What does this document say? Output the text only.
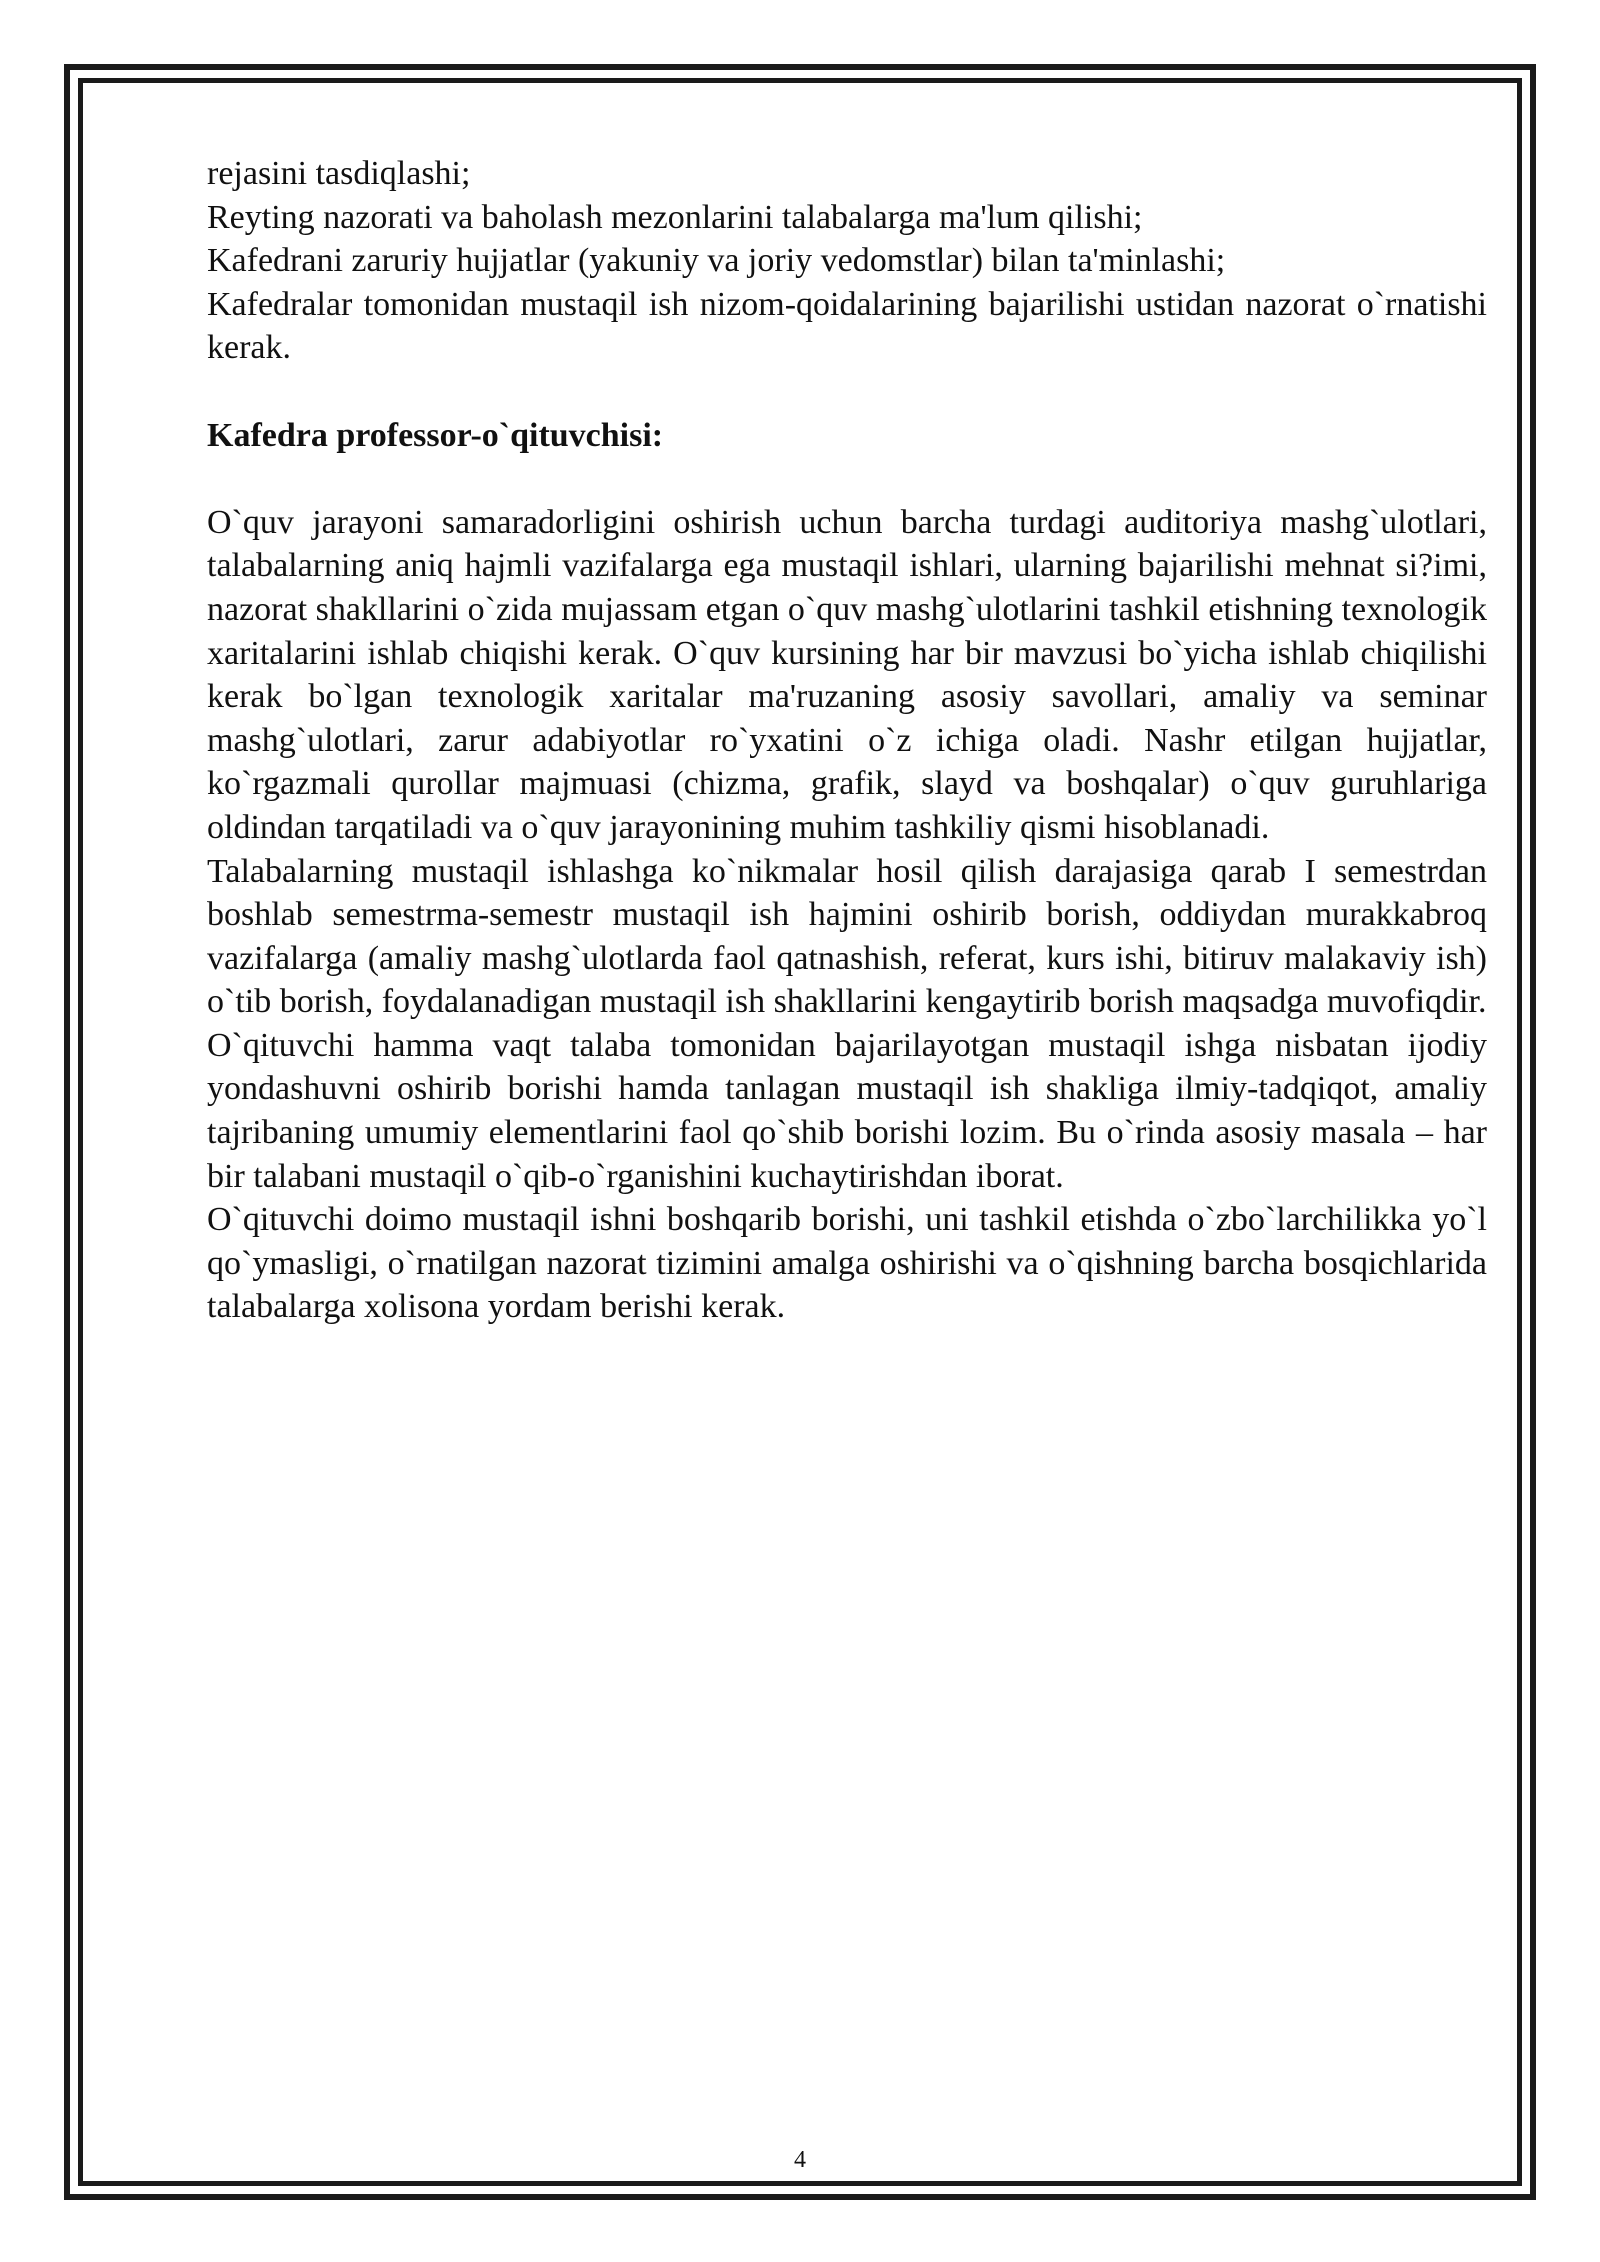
rejasini tasdiqlashi;

Reyting nazorati va baholash mezonlarini talabalarga ma'lum qilishi;

Kafedrani zaruriy hujjatlar (yakuniy va joriy vedomstlar) bilan ta'minlashi;

Kafedralar tomonidan mustaqil ish nizom-qoidalarining bajarilishi ustidan nazorat o`rnatishi kerak.

Kafedra professor-o`qituvchisi:

O`quv jarayoni samaradorligini oshirish uchun barcha turdagi auditoriya mashg`ulotlari, talabalarning aniq hajmli vazifalarga ega mustaqil ishlari, ularning bajarilishi mehnat si?imi, nazorat shakllarini o`zida mujassam etgan o`quv mashg`ulotlarini tashkil etishning texnologik xaritalarini ishlab chiqishi kerak. O`quv kursining har bir mavzusi bo`yicha ishlab chiqilishi kerak bo`lgan texnologik xaritalar ma'ruzaning asosiy savollari, amaliy va seminar mashg`ulotlari, zarur adabiyotlar ro`yxatini o`z ichiga oladi. Nashr etilgan hujjatlar, ko`rgazmali qurollar majmuasi (chizma, grafik, slayd va boshqalar) o`quv guruhlariga oldindan tarqatiladi va o`quv jarayonining muhim tashkiliy qismi hisoblanadi.

Talabalarning mustaqil ishlashga ko`nikmalar hosil qilish darajasiga qarab I semestrdan boshlab semestrma-semestr mustaqil ish hajmini oshirib borish, oddiydan murakkabroq vazifalarga (amaliy mashg`ulotlarda faol qatnashish, referat, kurs ishi, bitiruv malakaviy ish) o`tib borish, foydalanadigan mustaqil ish shakllarini kengaytirib borish maqsadga muvofiqdir.

O`qituvchi hamma vaqt talaba tomonidan bajarilayotgan mustaqil ishga nisbatan ijodiy yondashuvni oshirib borishi hamda tanlagan mustaqil ish shakliga ilmiy-tadqiqot, amaliy tajribaning umumiy elementlarini faol qo`shib borishi lozim. Bu o`rinda asosiy masala – har bir talabani mustaqil o`qib-o`rganishini kuchaytirishdan iborat.

O`qituvchi doimo mustaqil ishni boshqarib borishi, uni tashkil etishda o`zbo`larchilikka yo`l qo`ymasligi, o`rnatilgan nazorat tizimini amalga oshirishi va o`qishning barcha bosqichlarida talabalarga xolisona yordam berishi kerak.

4
